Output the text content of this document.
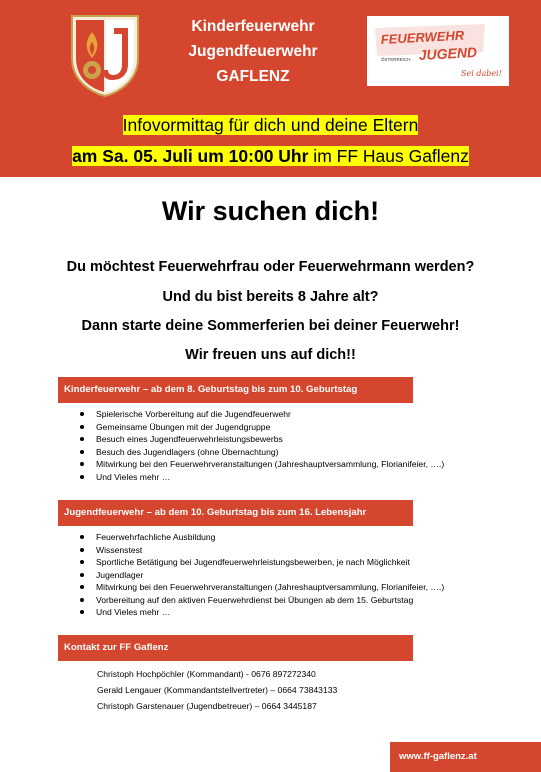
Kinderfeuerwehr
Jugendfeuerwehr
GAFLENZ
FEUERWEHR
JUGEND
ÖSTERREICH
Sei dabei!
Infovormittag für dich und deine Eltern
am Sa. 05. Juli um 10:00 Uhr im FF Haus Gaflenz
Wir suchen dich!
Du möchtest Feuerwehrfrau oder Feuerwehrmann werden?
Und du bist bereits 8 Jahre alt?
Dann starte deine Sommerferien bei deiner Feuerwehr!
Wir freuen uns auf dich!!
Kinderfeuerwehr – ab dem 8. Geburtstag bis zum 10. Geburtstag
Spielerische Vorbereitung auf die Jugendfeuerwehr
Gemeinsame Übungen mit der Jugendgruppe
Besuch eines Jugendfeuerwehrleistungsbewerbs
Besuch des Jugendlagers (ohne Übernachtung)
Mitwirkung bei den Feuerwehrveranstaltungen (Jahreshauptversammlung, Florianifeier, ….)
Und Vieles mehr …
Jugendfeuerwehr – ab dem 10. Geburtstag bis zum 16. Lebensjahr
Feuerwehrfachliche Ausbildung
Wissenstest
Sportliche Betätigung bei Jugendfeuerwehrleistungsbewerben, je nach Möglichkeit
Jugendlager
Mitwirkung bei den Feuerwehrveranstaltungen (Jahreshauptversammlung, Florianifeier, ….)
Vorbereitung auf den aktiven Feuerwehrdienst bei Übungen ab dem 15. Geburtstag
Und Vieles mehr …
Kontakt zur FF Gaflenz
Christoph Hochpöchler (Kommandant) - 0676 897272340
Gerald Lengauer (Kommandantstellvertreter) – 0664 73843133
Christoph Garstenauer (Jugendbetreuer) – 0664 3445187
www.ff-gaflenz.at
